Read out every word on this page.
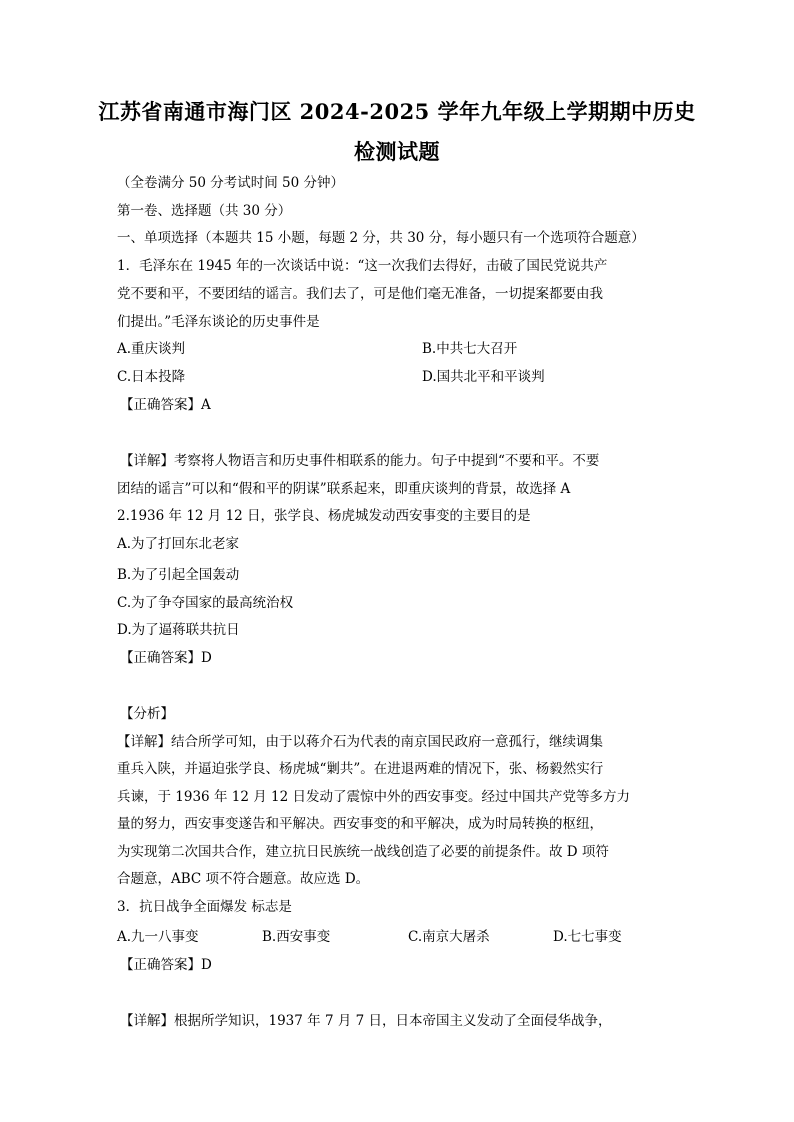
江苏省南通市海门区 2024-2025 学年九年级上学期期中历史
检测试题
（全卷满分 50 分考试时间 50 分钟）
第一卷、选择题（共 30 分）
一、单项选择（本题共 15 小题，每题 2 分，共 30 分，每小题只有一个选项符合题意）
1．毛泽东在 1945 年的一次谈话中说：“这一次我们去得好，击破了国民党说共产
党不要和平，不要团结的谣言。我们去了，可是他们毫无准备，一切提案都要由我
们提出。”毛泽东谈论的历史事件是
A.重庆谈判	B.中共七大召开
C.日本投降	D.国共北平和平谈判
【正确答案】A
【详解】考察将人物语言和历史事件相联系的能力。句子中提到“不要和平。不要
团结的谣言”可以和“假和平的阴谋”联系起来，即重庆谈判的背景，故选择 A
2.1936 年 12 月 12 日，张学良、杨虎城发动西安事变的主要目的是
A.为了打回东北老家
B.为了引起全国轰动
C.为了争夺国家的最高统治权
D.为了逼蒋联共抗日
【正确答案】D
【分析】
【详解】结合所学可知，由于以蒋介石为代表的南京国民政府一意孤行，继续调集
重兵入陕，并逼迫张学良、杨虎城“剿共”。在进退两难的情况下，张、杨毅然实行
兵谏，于 1936 年 12 月 12 日发动了震惊中外的西安事变。经过中国共产党等多方力
量的努力，西安事变遂告和平解决。西安事变的和平解决，成为时局转换的枢纽，
为实现第二次国共合作，建立抗日民族统一战线创造了必要的前提条件。故 D 项符
合题意，ABC 项不符合题意。故应选 D。
3．抗日战争全面爆发 标志是
A.九一八事变	B.西安事变	C.南京大屠杀	D.七七事变
【正确答案】D
【详解】根据所学知识，1937 年 7 月 7 日，日本帝国主义发动了全面侵华战争，
